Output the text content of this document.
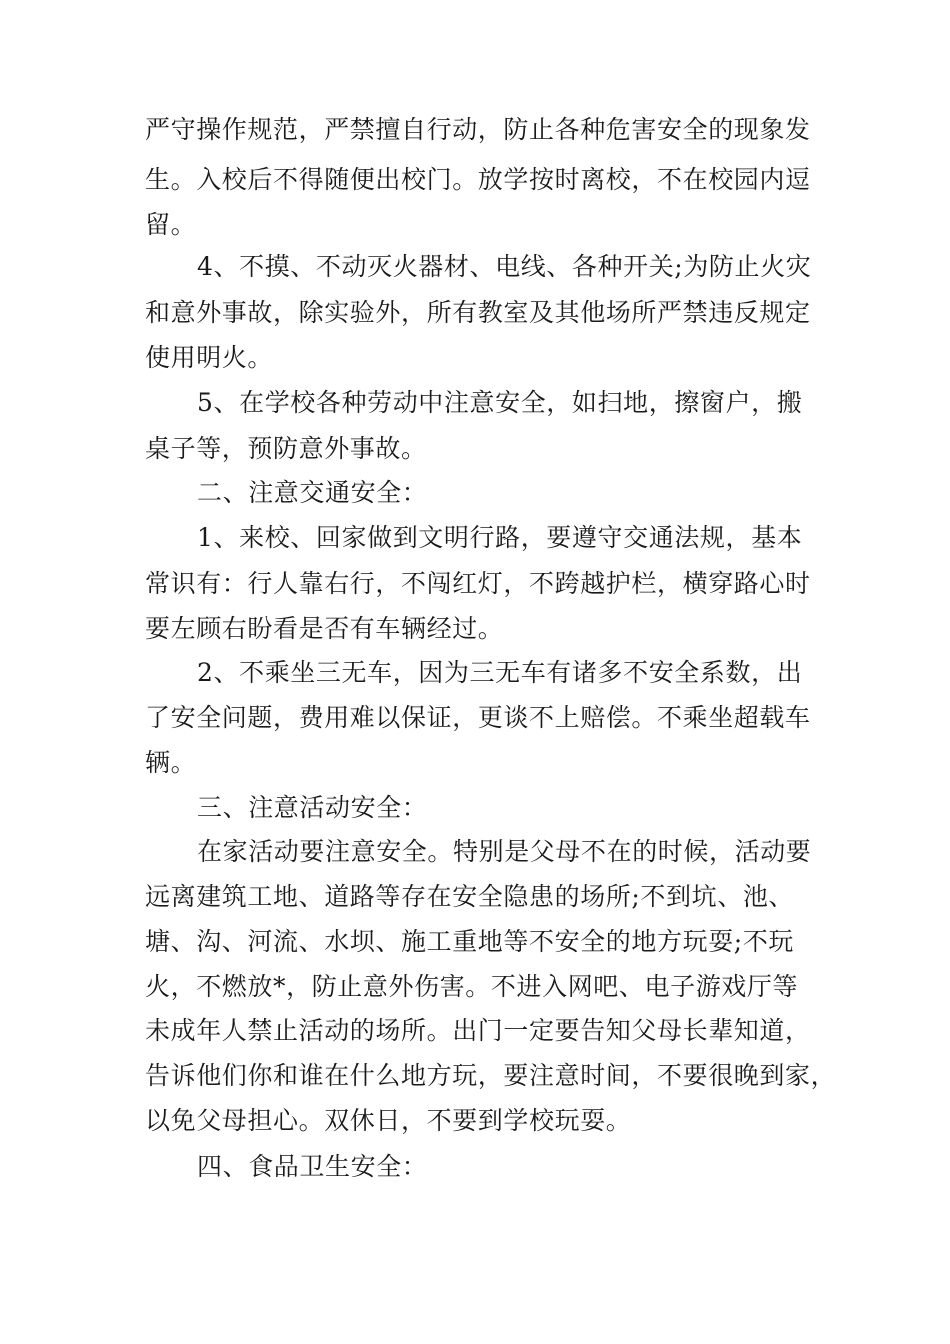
严守操作规范，严禁擅自行动，防止各种危害安全的现象发
生。入校后不得随便出校门。放学按时离校，不在校园内逗
留。
4、不摸、不动灭火器材、电线、各种开关;为防止火灾
和意外事故，除实验外，所有教室及其他场所严禁违反规定
使用明火。
5、在学校各种劳动中注意安全，如扫地，擦窗户，搬
桌子等，预防意外事故。
二、注意交通安全：
1、来校、回家做到文明行路，要遵守交通法规，基本
常识有：行人靠右行，不闯红灯，不跨越护栏，横穿路心时
要左顾右盼看是否有车辆经过。
2、不乘坐三无车，因为三无车有诸多不安全系数，出
了安全问题，费用难以保证，更谈不上赔偿。不乘坐超载车
辆。
三、注意活动安全：
在家活动要注意安全。特别是父母不在的时候，活动要
远离建筑工地、道路等存在安全隐患的场所;不到坑、池、
塘、沟、河流、水坝、施工重地等不安全的地方玩耍;不玩
火，不燃放*，防止意外伤害。不进入网吧、电子游戏厅等
未成年人禁止活动的场所。出门一定要告知父母长辈知道，
告诉他们你和谁在什么地方玩，要注意时间，不要很晚到家，
以免父母担心。双休日，不要到学校玩耍。
四、食品卫生安全：
